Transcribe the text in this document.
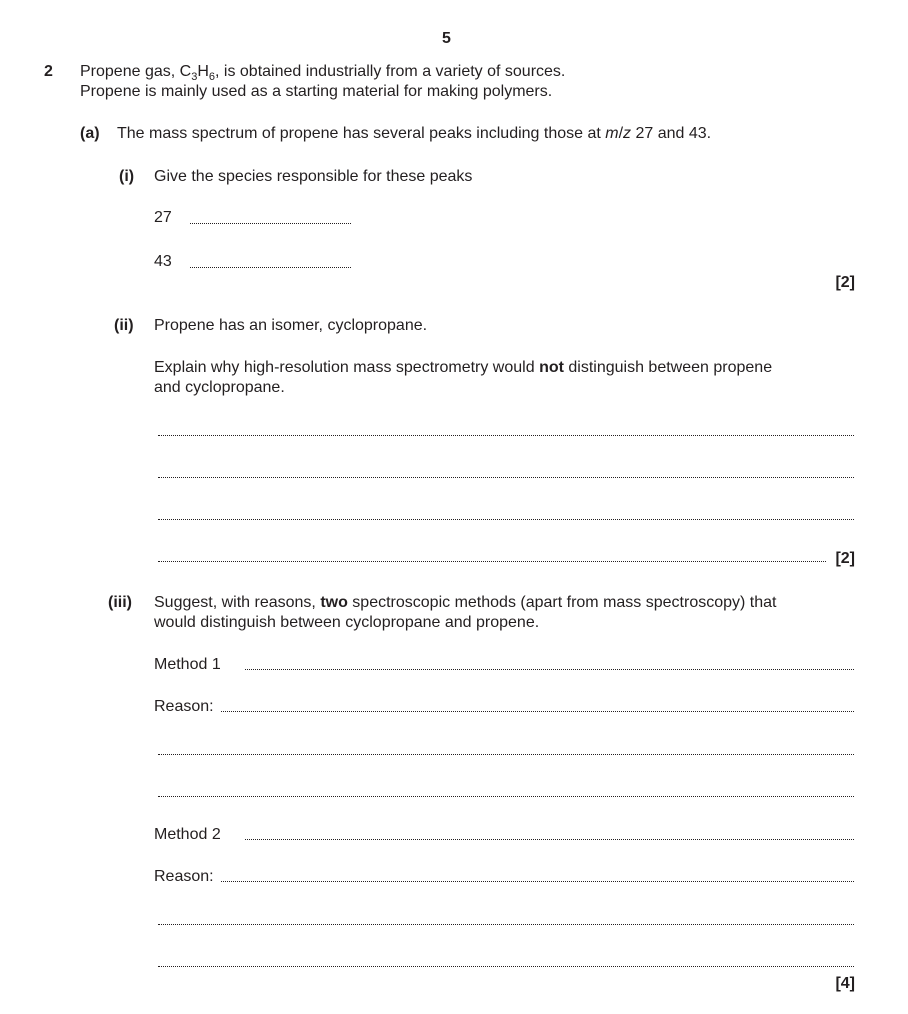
5
2 Propene gas, $C_3H_6$, is obtained industrially from a variety of sources.
Propene is mainly used as a starting material for making polymers.
(a) The mass spectrum of propene has several peaks including those at m/z 27 and 43.
(i) Give the species responsible for these peaks
27
43
[2]
(ii) Propene has an isomer, cyclopropane.
Explain why high-resolution mass spectrometry would not distinguish between propene
and cyclopropane.
[2]
(iii) Suggest, with reasons, two spectroscopic methods (apart from mass spectroscopy) that
would distinguish between cyclopropane and propene.
Method 1
Reason:
Method 2
Reason:
[4]
